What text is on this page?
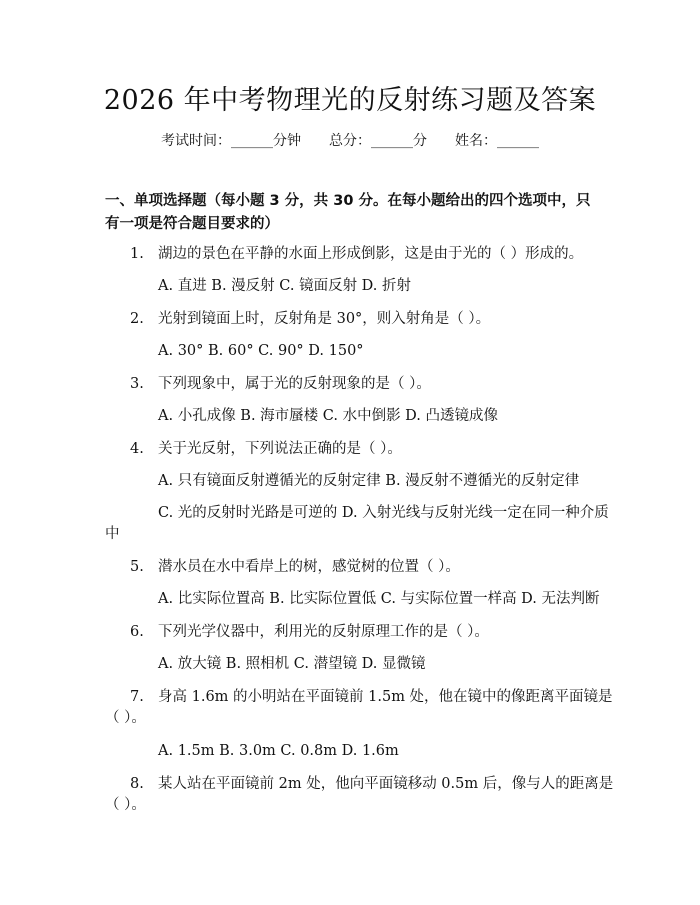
2026 年中考物理光的反射练习题及答案
考试时间：______分钟 总分：______分 姓名：______
一、单项选择题（每小题 3 分，共 30 分。在每小题给出的四个选项中，只有一项是符合题目要求的）
1. 湖边的景色在平静的水面上形成倒影，这是由于光的（ ）形成的。
A. 直进 B. 漫反射 C. 镜面反射 D. 折射
2. 光射到镜面上时，反射角是 30°，则入射角是（ ）。
A. 30° B. 60° C. 90° D. 150°
3. 下列现象中，属于光的反射现象的是（ ）。
A. 小孔成像 B. 海市蜃楼 C. 水中倒影 D. 凸透镜成像
4. 关于光反射，下列说法正确的是（ ）。
A. 只有镜面反射遵循光的反射定律 B. 漫反射不遵循光的反射定律
C. 光的反射时光路是可逆的 D. 入射光线与反射光线一定在同一种介质
中
5. 潜水员在水中看岸上的树，感觉树的位置（ ）。
A. 比实际位置高 B. 比实际位置低 C. 与实际位置一样高 D. 无法判断
6. 下列光学仪器中，利用光的反射原理工作的是（ ）。
A. 放大镜 B. 照相机 C. 潜望镜 D. 显微镜
7. 身高 1.6m 的小明站在平面镜前 1.5m 处，他在镜中的像距离平面镜是
（ ）。
A. 1.5m B. 3.0m C. 0.8m D. 1.6m
8. 某人站在平面镜前 2m 处，他向平面镜移动 0.5m 后，像与人的距离是
（ ）。
